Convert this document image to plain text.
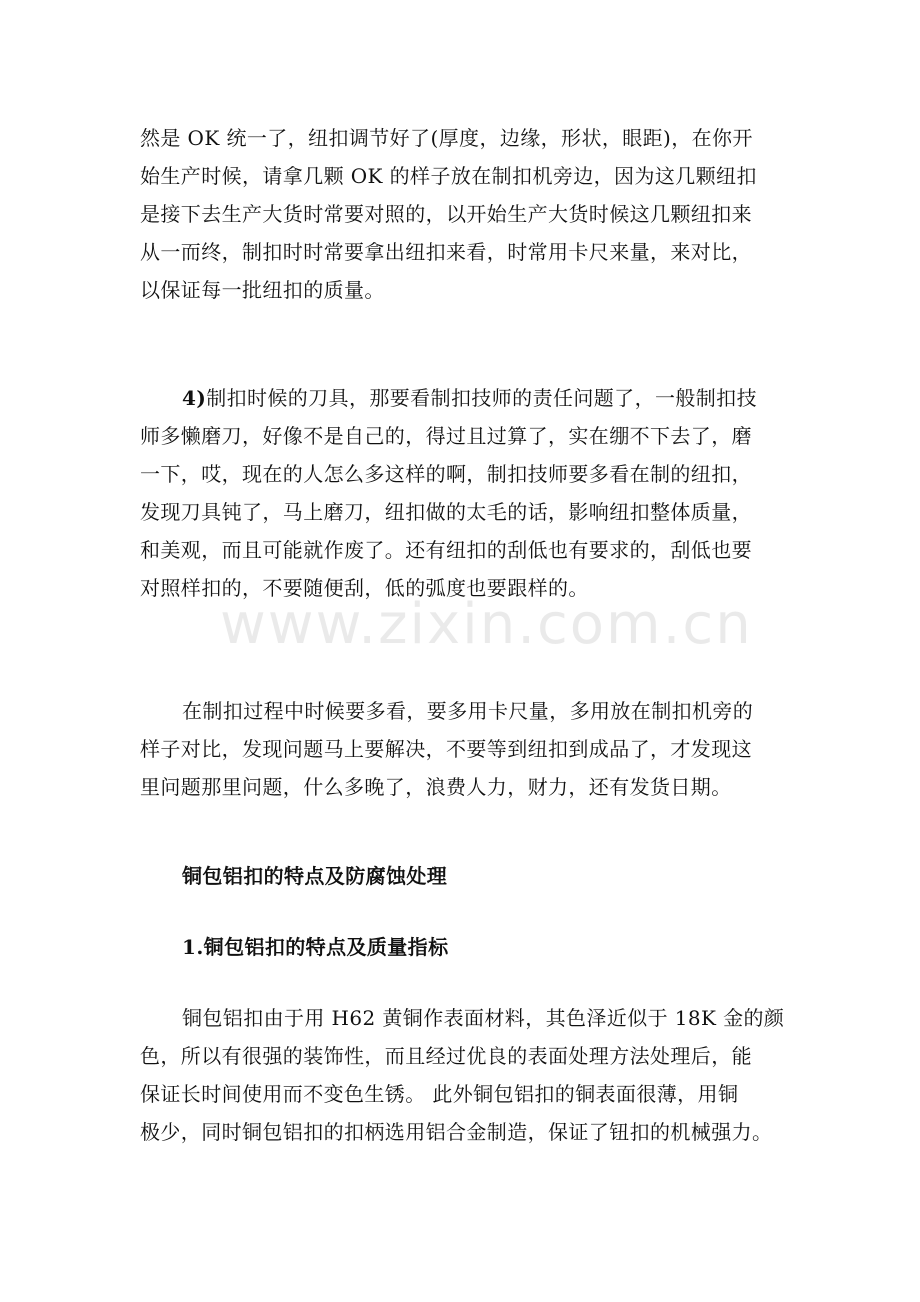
然是 OK 统一了，纽扣调节好了(厚度，边缘，形状，眼距)，在你开
始生产时候，请拿几颗 OK 的样子放在制扣机旁边，因为这几颗纽扣
是接下去生产大货时常要对照的，以开始生产大货时候这几颗纽扣来
从一而终，制扣时时常要拿出纽扣来看，时常用卡尺来量，来对比，
以保证每一批纽扣的质量。
4)制扣时候的刀具，那要看制扣技师的责任问题了，一般制扣技
师多懒磨刀，好像不是自己的，得过且过算了，实在绷不下去了，磨
一下，哎，现在的人怎么多这样的啊，制扣技师要多看在制的纽扣，
发现刀具钝了，马上磨刀，纽扣做的太毛的话，影响纽扣整体质量，
和美观，而且可能就作废了。还有纽扣的刮低也有要求的，刮低也要
对照样扣的，不要随便刮，低的弧度也要跟样的。
在制扣过程中时候要多看，要多用卡尺量，多用放在制扣机旁的
样子对比，发现问题马上要解决，不要等到纽扣到成品了，才发现这
里问题那里问题，什么多晚了，浪费人力，财力，还有发货日期。
铜包铝扣的特点及防腐蚀处理
1.铜包铝扣的特点及质量指标
铜包铝扣由于用 H62 黄铜作表面材料，其色泽近似于 18K 金的颜
色，所以有很强的装饰性，而且经过优良的表面处理方法处理后，能
保证长时间使用而不变色生锈。 此外铜包铝扣的铜表面很薄，用铜
极少，同时铜包铝扣的扣柄选用铝合金制造，保证了钮扣的机械强力。
www.zixin.com.cn
